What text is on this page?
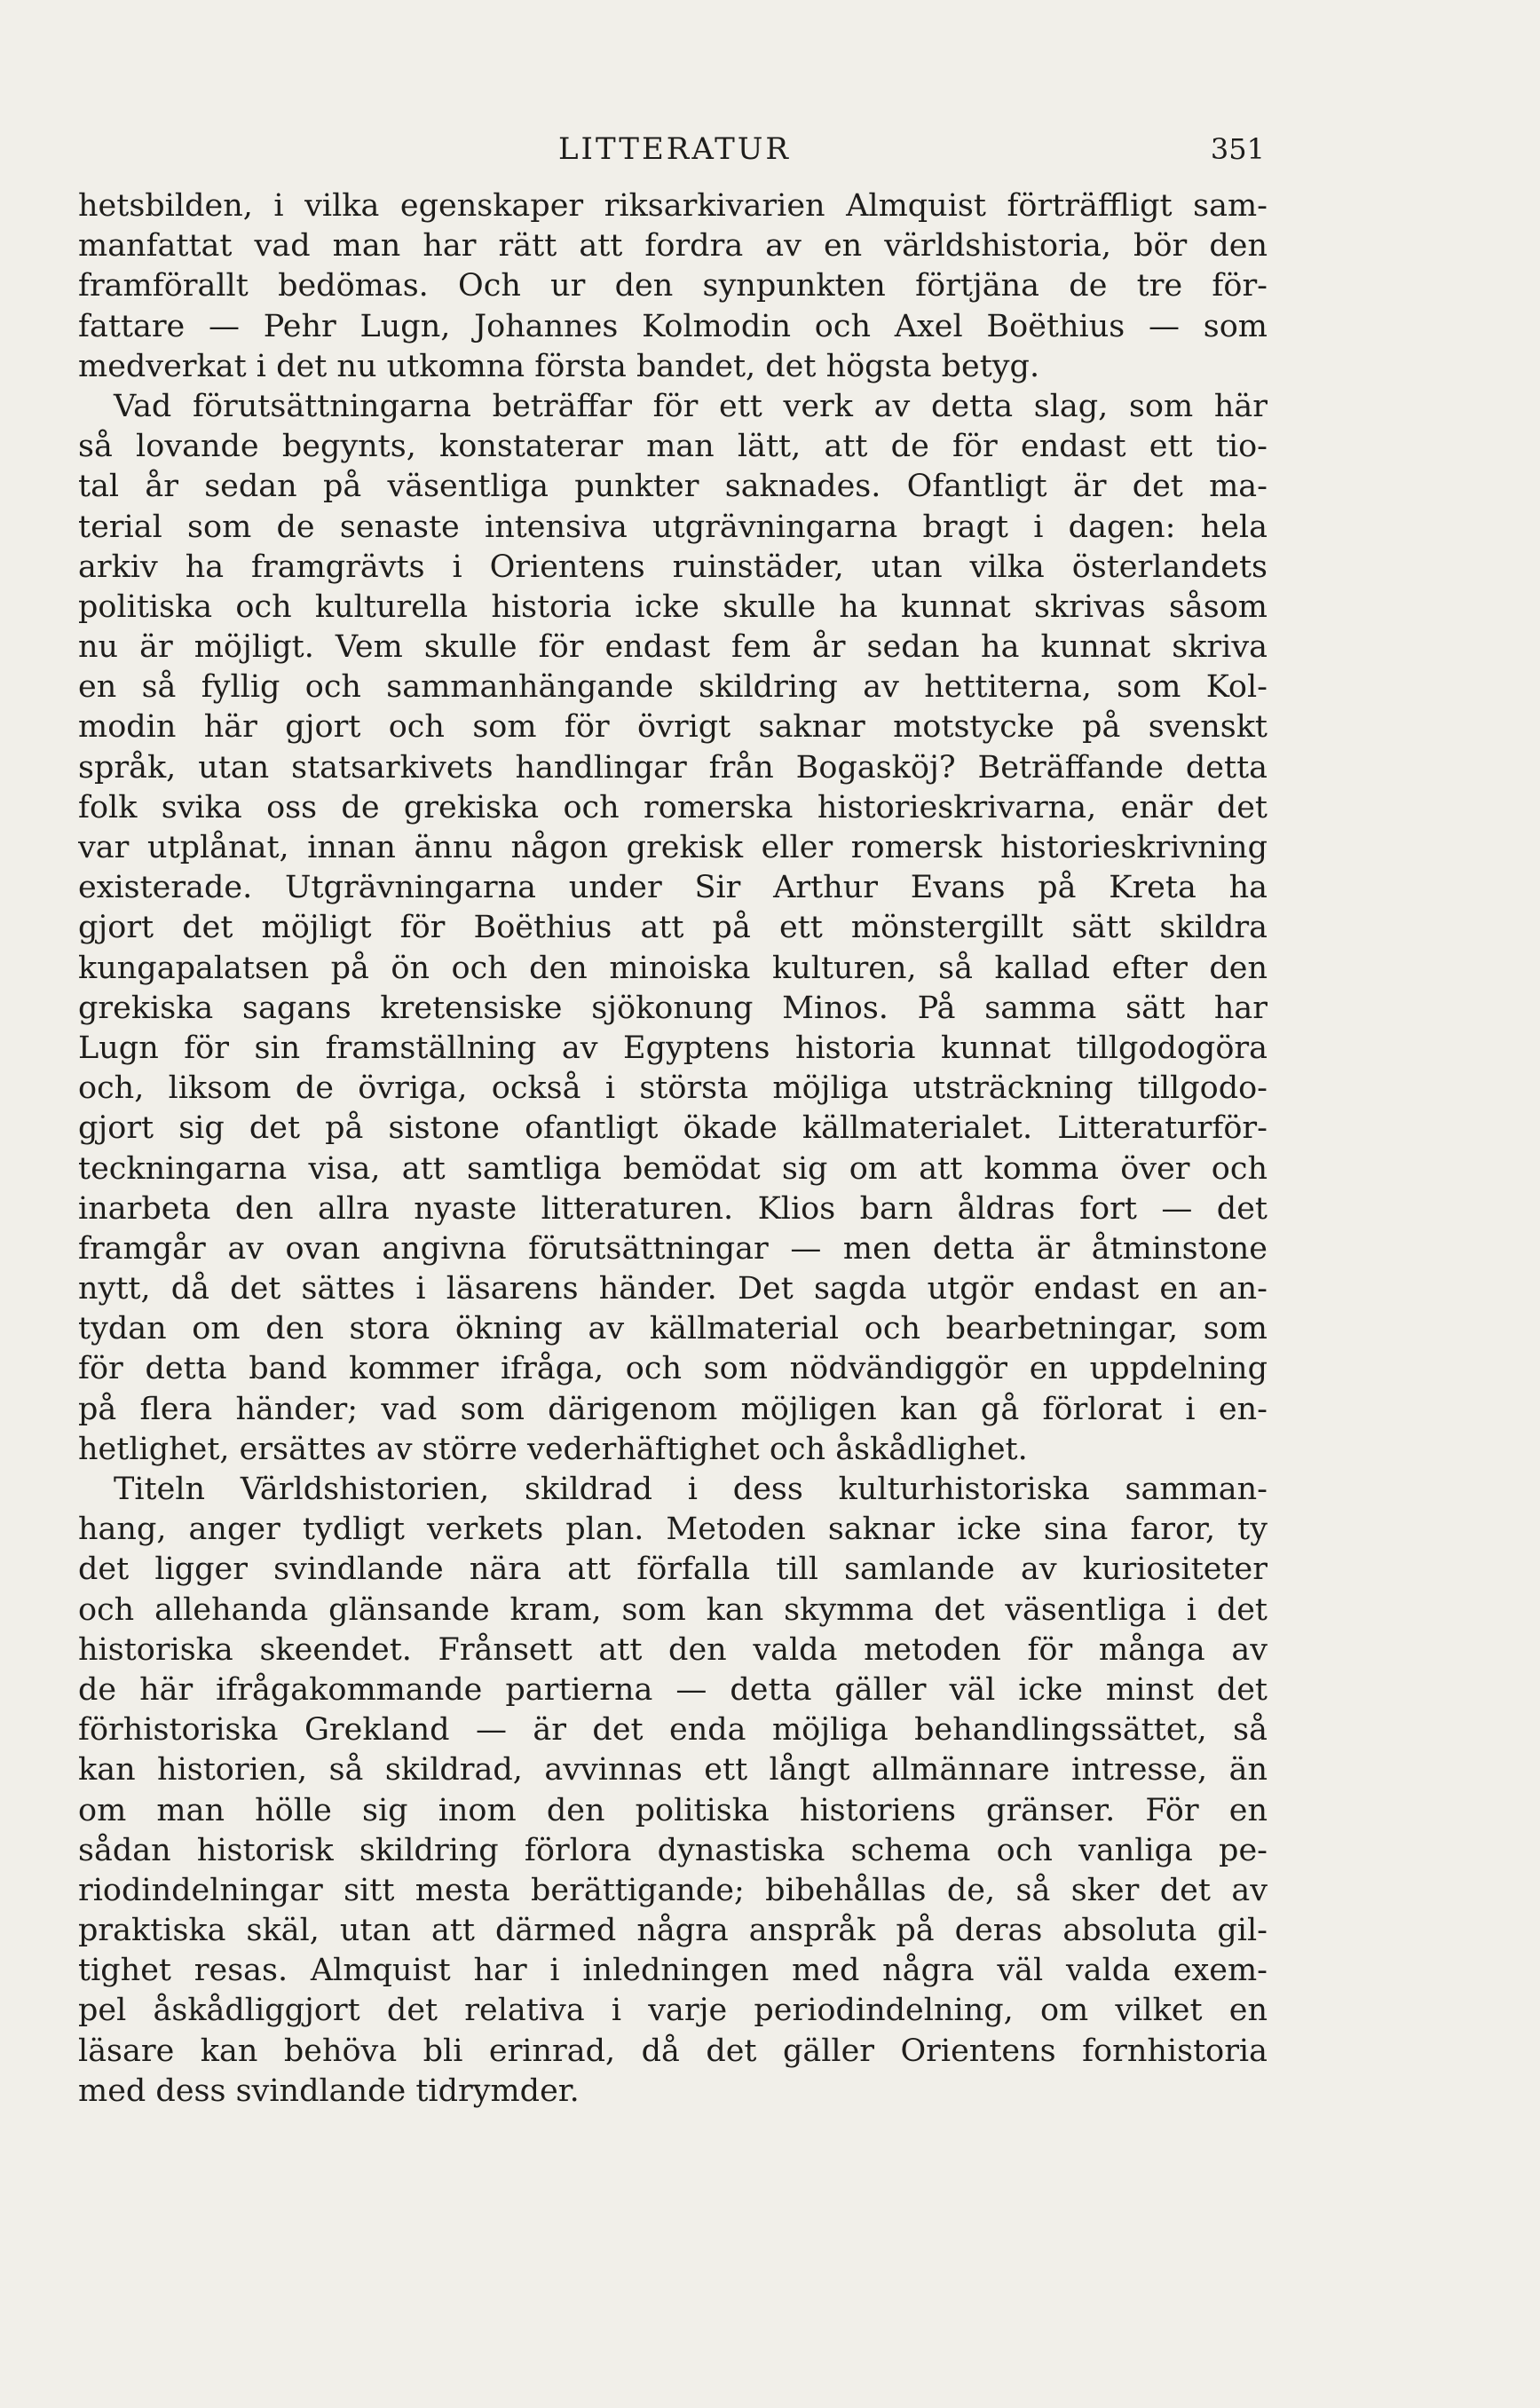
LITTERATUR	351
hetsbilden, i vilka egenskaper riksarkivarien Almquist förträffligt sam-
manfattat vad man har rätt att fordra av en världshistoria, bör den
framförallt bedömas. Och ur den synpunkten förtjäna de tre för-
fattare — Pehr Lugn, Johannes Kolmodin och Axel Boëthius — som
medverkat i det nu utkomna första bandet, det högsta betyg.
Vad förutsättningarna beträffar för ett verk av detta slag, som här
så lovande begynts, konstaterar man lätt, att de för endast ett tio-
tal år sedan på väsentliga punkter saknades. Ofantligt är det ma-
terial som de senaste intensiva utgrävningarna bragt i dagen: hela
arkiv ha framgrävts i Orientens ruinstäder, utan vilka österlandets
politiska och kulturella historia icke skulle ha kunnat skrivas såsom
nu är möjligt. Vem skulle för endast fem år sedan ha kunnat skriva
en så fyllig och sammanhängande skildring av hettiterna, som Kol-
modin här gjort och som för övrigt saknar motstycke på svenskt
språk, utan statsarkivets handlingar från Bogasköj? Beträffande detta
folk svika oss de grekiska och romerska historieskrivarna, enär det
var utplånat, innan ännu någon grekisk eller romersk historieskrivning
existerade. Utgrävningarna under Sir Arthur Evans på Kreta ha
gjort det möjligt för Boëthius att på ett mönstergillt sätt skildra
kungapalatsen på ön och den minoiska kulturen, så kallad efter den
grekiska sagans kretensiske sjökonung Minos. På samma sätt har
Lugn för sin framställning av Egyptens historia kunnat tillgodogöra
och, liksom de övriga, också i största möjliga utsträckning tillgodo-
gjort sig det på sistone ofantligt ökade källmaterialet. Litteraturför-
teckningarna visa, att samtliga bemödat sig om att komma över och
inarbeta den allra nyaste litteraturen. Klios barn åldras fort — det
framgår av ovan angivna förutsättningar — men detta är åtminstone
nytt, då det sättes i läsarens händer. Det sagda utgör endast en an-
tydan om den stora ökning av källmaterial och bearbetningar, som
för detta band kommer ifråga, och som nödvändiggör en uppdelning
på flera händer; vad som därigenom möjligen kan gå förlorat i en-
hetlighet, ersättes av större vederhäftighet och åskådlighet.
Titeln Världshistorien, skildrad i dess kulturhistoriska samman-
hang, anger tydligt verkets plan. Metoden saknar icke sina faror, ty
det ligger svindlande nära att förfalla till samlande av kuriositeter
och allehanda glänsande kram, som kan skymma det väsentliga i det
historiska skeendet. Frånsett att den valda metoden för många av
de här ifrågakommande partierna — detta gäller väl icke minst det
förhistoriska Grekland — är det enda möjliga behandlingssättet, så
kan historien, så skildrad, avvinnas ett långt allmännare intresse, än
om man hölle sig inom den politiska historiens gränser. För en
sådan historisk skildring förlora dynastiska schema och vanliga pe-
riodindelningar sitt mesta berättigande; bibehållas de, så sker det av
praktiska skäl, utan att därmed några anspråk på deras absoluta gil-
tighet resas. Almquist har i inledningen med några väl valda exem-
pel åskådliggjort det relativa i varje periodindelning, om vilket en
läsare kan behöva bli erinrad, då det gäller Orientens fornhistoria
med dess svindlande tidrymder.
